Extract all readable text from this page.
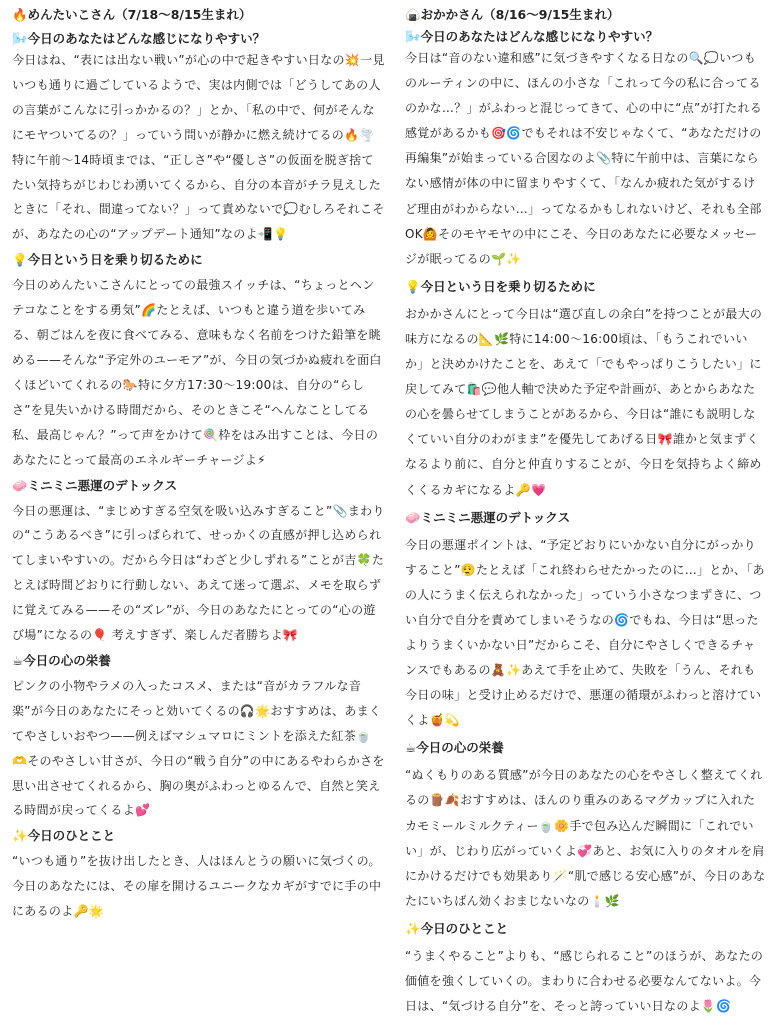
🔥めんたいこさん（7/18〜8/15生まれ）

🌬️今日のあなたはどんな感じになりやすい？

今日はね、“表には出ない戦い”が心の中で起きやすい日なの💥一見いつも通りに過ごしているようで、実は内側では「どうしてあの人の言葉がこんなに引っかかるの？」とか、「私の中で、何がそんなにモヤついてるの？」っていう問いが静かに燃え続けてるの🔥🌪️特に午前〜14時頃までは、“正しさ”や“優しさ”の仮面を脱ぎ捨てたい気持ちがじわじわ湧いてくるから、自分の本音がチラ見えしたときに「それ、間違ってない？」って責めないで💭むしろそれこそが、あなたの心の“アップデート通知”なのよ📲💡

💡今日という日を乗り切るために

今日のめんたいこさんにとっての最強スイッチは、“ちょっとヘンテコなことをする勇気”🌈たとえば、いつもと違う道を歩いてみる、朝ごはんを夜に食べてみる、意味もなく名前をつけた鉛筆を眺める——そんな“予定外のユーモア”が、今日の気づかぬ疲れを面白くほどいてくれるの🐎特に夕方17:30〜19:00は、自分の“らしさ”を見失いかける時間だから、そのときこそ“へんなことしてる私、最高じゃん？”って声をかけて🍭枠をはみ出すことは、今日のあなたにとって最高のエネルギーチャージよ⚡

🧼ミニミニ悪運のデトックス

今日の悪運は、“まじめすぎる空気を吸い込みすぎること”📎まわりの“こうあるべき”に引っぱられて、せっかくの直感が押し込められてしまいやすいの。だから今日は“わざと少しずれる”ことが吉🍀たとえば時間どおりに行動しない、あえて迷って選ぶ、メモを取らずに覚えてみる——その“ズレ”が、今日のあなたにとっての“心の遊び場”になるの🎈 考えすぎず、楽しんだ者勝ちよ🎀

☕今日の心の栄養

ピンクの小物やラメの入ったコスメ、または“音がカラフルな音楽”が今日のあなたにそっと効いてくるの🎧🌟おすすめは、あまくてやさしいおやつ——例えばマシュマロにミントを添えた紅茶🍵🫶そのやさしい甘さが、今日の“戦う自分”の中にあるやわらかさを思い出させてくれるから、胸の奥がふわっとゆるんで、自然と笑える時間が戻ってくるよ💕

✨今日のひとこと

“いつも通り”を抜け出したとき、人はほんとうの願いに気づくの。今日のあなたには、その扉を開けるユニークなカギがすでに手の中にあるのよ🔑🌟

🍙おかかさん（8/16〜9/15生まれ）

🌬️今日のあなたはどんな感じになりやすい？

今日は“音のない違和感”に気づきやすくなる日なの🔍💭いつものルーティンの中に、ほんの小さな「これって今の私に合ってるのかな…？」がふわっと混じってきて、心の中に“点”が打たれる感覚があるかも🎯🌀でもそれは不安じゃなくて、“あなただけの再編集”が始まっている合図なのよ📎特に午前中は、言葉にならない感情が体の中に留まりやすくて、「なんか疲れた気がするけど理由がわからない…」ってなるかもしれないけど、それも全部OK🙆そのモヤモヤの中にこそ、今日のあなたに必要なメッセージが眠ってるの🌱✨

💡今日という日を乗り切るために

おかかさんにとって今日は“選び直しの余白”を持つことが最大の味方になるの📐🌿特に14:00〜16:00頃は、「もうこれでいいか」と決めかけたことを、あえて「でもやっぱりこうしたい」に戻してみて🛍️💬他人軸で決めた予定や計画が、あとからあなたの心を曇らせてしまうことがあるから、今日は“誰にも説明しなくていい自分のわがまま”を優先してあげる日🎀誰かと気まずくなるより前に、自分と仲直りすることが、今日を気持ちよく締めくくるカギになるよ🔑💗

🧼ミニミニ悪運のデトックス

今日の悪運ポイントは、“予定どおりにいかない自分にがっかりすること”😮‍💨たとえば「これ終わらせたかったのに…」とか、「あの人にうまく伝えられなかった」っていう小さなつまずきに、つい自分で自分を責めてしまいそうなの🌀でもね、今日は“思ったよりうまくいかない日”だからこそ、自分にやさしくできるチャンスでもあるの🧸✨あえて手を止めて、失敗を「うん、それも今日の味」と受け止めるだけで、悪運の循環がふわっと溶けていくよ🍯💫

☕今日の心の栄養

“ぬくもりのある質感”が今日のあなたの心をやさしく整えてくれるの🪵🍂おすすめは、ほんのり重みのあるマグカップに入れたカモミールミルクティー🍵🌼手で包み込んだ瞬間に「これでいい」が、じわり広がっていくよ💞あと、お気に入りのタオルを肩にかけるだけでも効果あり🪄“肌で感じる安心感”が、今日のあなたにいちばん効くおまじないなの🕯️🌿

✨今日のひとこと

“うまくやること”よりも、“感じられること”のほうが、あなたの価値を強くしていくの。まわりに合わせる必要なんてないよ。今日は、“気づける自分”を、そっと誇っていい日なのよ🌷🌀
